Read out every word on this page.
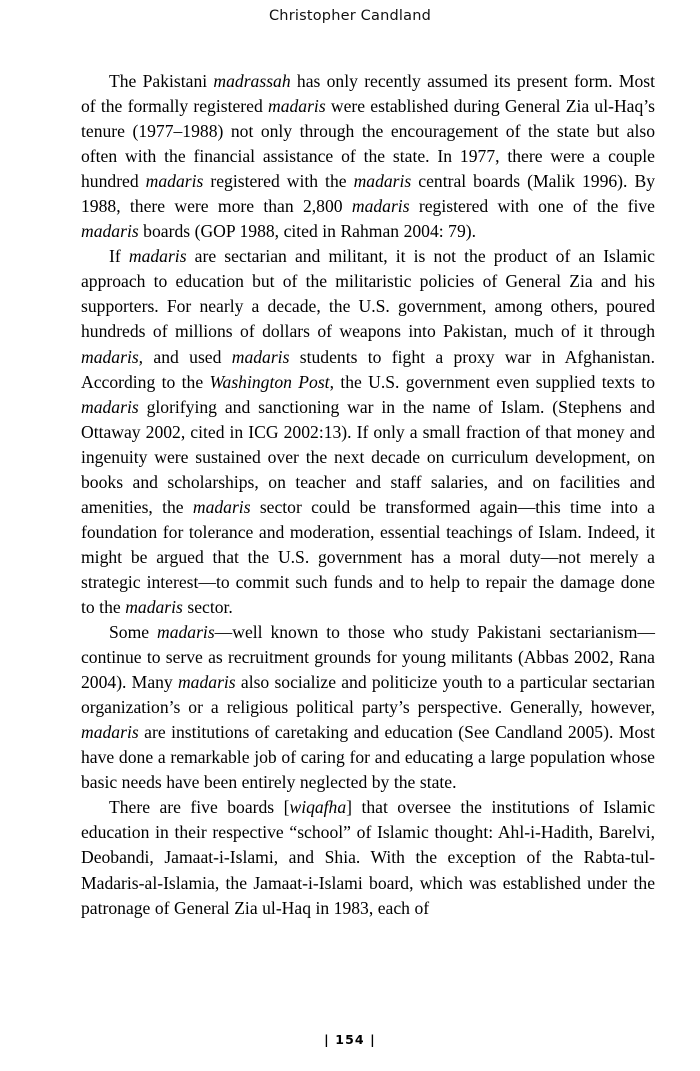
Christopher Candland

The Pakistani madrassah has only recently assumed its present form. Most of the formally registered madaris were established during General Zia ul-Haq’s tenure (1977–1988) not only through the encouragement of the state but also often with the financial assistance of the state. In 1977, there were a couple hundred madaris registered with the madaris central boards (Malik 1996). By 1988, there were more than 2,800 madaris registered with one of the five madaris boards (GOP 1988, cited in Rahman 2004: 79).

If madaris are sectarian and militant, it is not the product of an Islamic approach to education but of the militaristic policies of General Zia and his supporters. For nearly a decade, the U.S. government, among others, poured hundreds of millions of dollars of weapons into Pakistan, much of it through madaris, and used madaris students to fight a proxy war in Afghanistan. According to the Washington Post, the U.S. government even supplied texts to madaris glorifying and sanctioning war in the name of Islam. (Stephens and Ottaway 2002, cited in ICG 2002:13). If only a small fraction of that money and ingenuity were sustained over the next decade on curriculum development, on books and scholarships, on teacher and staff salaries, and on facilities and amenities, the madaris sector could be transformed again—this time into a foundation for tolerance and moderation, essential teachings of Islam. Indeed, it might be argued that the U.S. government has a moral duty—not merely a strategic interest—to commit such funds and to help to repair the damage done to the madaris sector.

Some madaris—well known to those who study Pakistani sectarianism—continue to serve as recruitment grounds for young militants (Abbas 2002, Rana 2004). Many madaris also socialize and politicize youth to a particular sectarian organization’s or a religious political party’s perspective. Generally, however, madaris are institutions of caretaking and education (See Candland 2005). Most have done a remarkable job of caring for and educating a large population whose basic needs have been entirely neglected by the state.

There are five boards [wiqafha] that oversee the institutions of Islamic education in their respective “school” of Islamic thought: Ahl-i-Hadith, Barelvi, Deobandi, Jamaat-i-Islami, and Shia. With the exception of the Rabta-tul-Madaris-al-Islamia, the Jamaat-i-Islami board, which was established under the patronage of General Zia ul-Haq in 1983, each of

| 154 |
